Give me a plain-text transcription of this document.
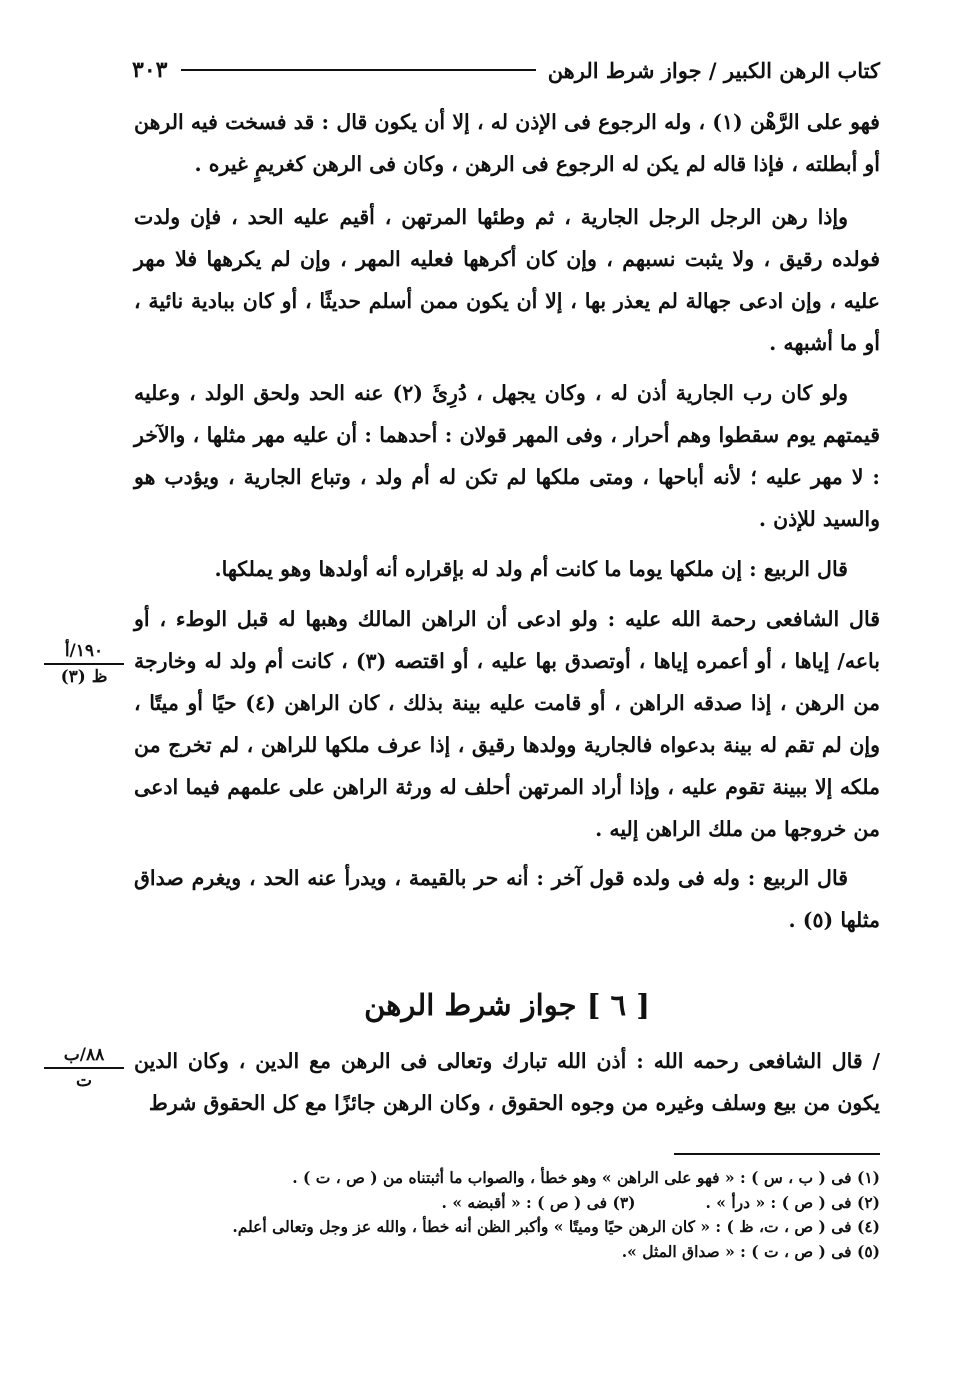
كتاب الرهن الكبير / جواز شرط الرهن
٣٠٣

فهو على الرَّهْن (١) ، وله الرجوع فى الإذن له ، إلا أن يكون قال : قد فسخت فيه الرهن أو أبطلته ، فإذا قاله لم يكن له الرجوع فى الرهن ، وكان فى الرهن كغريمٍ غيره .

وإذا رهن الرجل الرجل الجارية ، ثم وطئها المرتهن ، أقيم عليه الحد ، فإن ولدت فولده رقيق ، ولا يثبت نسبهم ، وإن كان أكرهها فعليه المهر ، وإن لم يكرهها فلا مهر عليه ، وإن ادعى جهالة لم يعذر بها ، إلا أن يكون ممن أسلم حديثًا ، أو كان ببادية نائية ، أو ما أشبهه .

ولو كان رب الجارية أذن له ، وكان يجهل ، دُرِئَ (٢) عنه الحد ولحق الولد ، وعليه قيمتهم يوم سقطوا وهم أحرار ، وفى المهر قولان : أحدهما : أن عليه مهر مثلها ، والآخر : لا مهر عليه ؛ لأنه أباحها ، ومتى ملكها لم تكن له أم ولد ، وتباع الجارية ، ويؤدب هو والسيد للإذن .

قال الربيع : إن ملكها يوما ما كانت أم ولد له بإقراره أنه أولدها وهو يملكها.

قال الشافعى رحمة الله عليه : ولو ادعى أن الراهن المالك وهبها له قبل الوطء ، أو باعه/ إياها ، أو أعمره إياها ، أوتصدق بها عليه ، أو اقتصه (٣) ، كانت أم ولد له وخارجة من الرهن ، إذا صدقه الراهن ، أو قامت عليه بينة بذلك ، كان الراهن (٤) حيًا أو ميتًا ، وإن لم تقم له بينة بدعواه فالجارية وولدها رقيق ، إذا عرف ملكها للراهن ، لم تخرج من ملكه إلا ببينة تقوم عليه ، وإذا أراد المرتهن أحلف له ورثة الراهن على علمهم فيما ادعى من خروجها من ملك الراهن إليه .

قال الربيع : وله فى ولده قول آخر : أنه حر بالقيمة ، ويدرأ عنه الحد ، ويغرم صداق مثلها (٥) .

[ ٦ ] جواز شرط الرهن

/ قال الشافعى رحمه الله : أذن الله تبارك وتعالى فى الرهن مع الدين ، وكان الدين يكون من بيع وسلف وغيره من وجوه الحقوق ، وكان الرهن جائزًا مع كل الحقوق شرط

١٩٠/أ
ظ (٣)
٨٨/ب
ت
(١) فى ( ب ، س ) : « فهو على الراهن » وهو خطأ ، والصواب ما أثبتناه من ( ص ، ت ) .
(٢) فى ( ص ) : « درأ » .(٣) فى ( ص ) : « أقبضه » .
(٤) فى ( ص ، ت، ظ ) : « كان الرهن حيًا وميتًا » وأكبر الظن أنه خطأ ، والله عز وجل وتعالى أعلم.
(٥) فى ( ص ، ت ) : « صداق المثل ».
